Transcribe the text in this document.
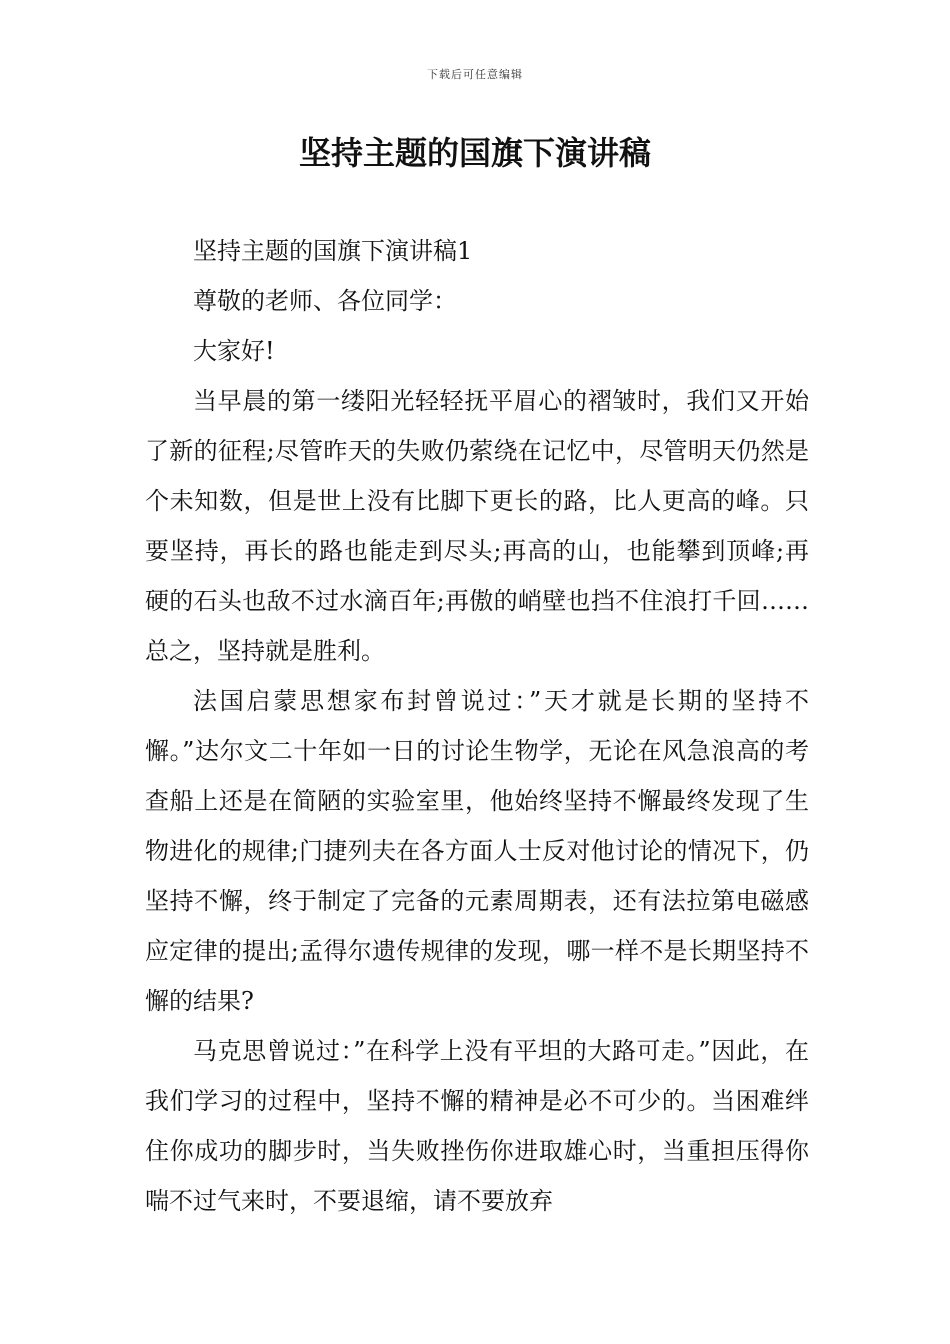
下载后可任意编辑
坚持主题的国旗下演讲稿

坚持主题的国旗下演讲稿1

尊敬的老师、各位同学：

大家好!

当早晨的第一缕阳光轻轻抚平眉心的褶皱时，我们又开始了新的征程;尽管昨天的失败仍萦绕在记忆中，尽管明天仍然是个未知数，但是世上没有比脚下更长的路，比人更高的峰。只要坚持，再长的路也能走到尽头;再高的山，也能攀到顶峰;再硬的石头也敌不过水滴百年;再傲的峭壁也挡不住浪打千回……总之，坚持就是胜利。

法国启蒙思想家布封曾说过：”天才就是长期的坚持不懈。”达尔文二十年如一日的讨论生物学，无论在风急浪高的考查船上还是在简陋的实验室里，他始终坚持不懈最终发现了生物进化的规律;门捷列夫在各方面人士反对他讨论的情况下，仍坚持不懈，终于制定了完备的元素周期表，还有法拉第电磁感应定律的提出;孟得尔遗传规律的发现，哪一样不是长期坚持不懈的结果?

马克思曾说过：”在科学上没有平坦的大路可走。”因此，在我们学习的过程中，坚持不懈的精神是必不可少的。当困难绊住你成功的脚步时，当失败挫伤你进取雄心时，当重担压得你喘不过气来时，不要退缩，请不要放弃
